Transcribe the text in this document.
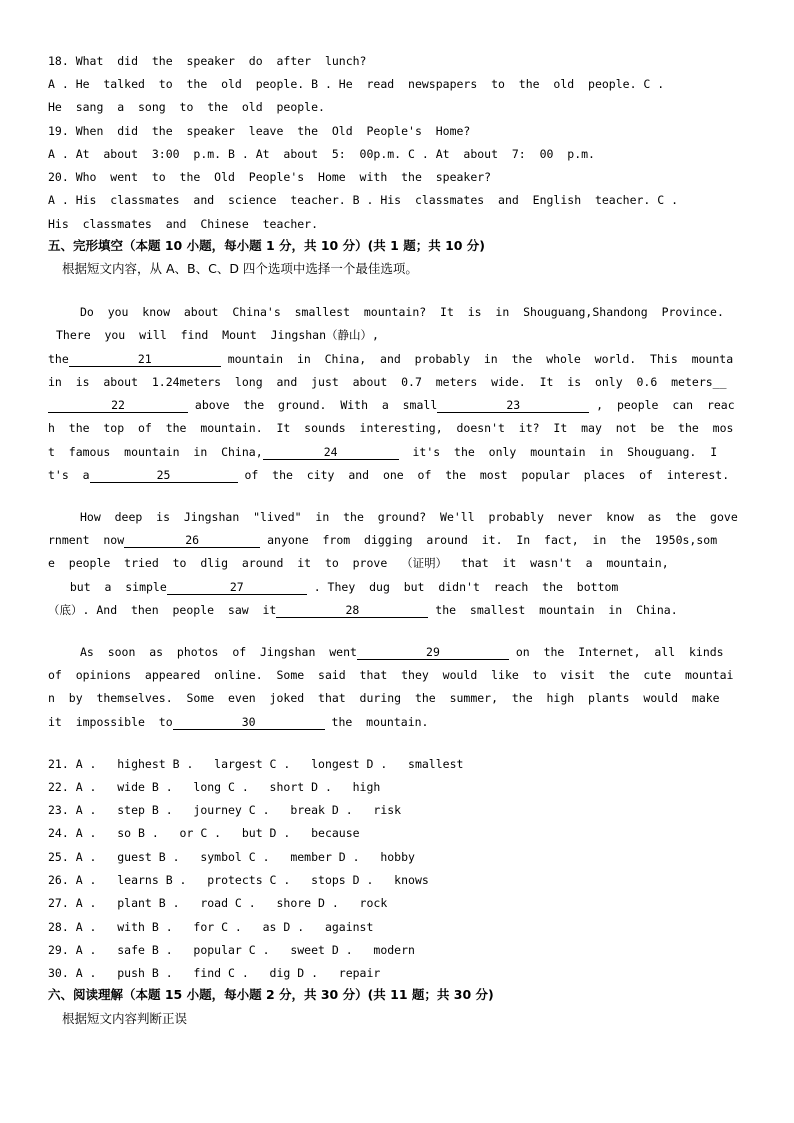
18. What  did  the  speaker  do  after  lunch?
A . He  talked  to  the  old  people. B . He  read  newspapers  to  the  old  people. C .
He  sang  a  song  to  the  old  people.
19. When  did  the  speaker  leave  the  Old  People's  Home?
A . At  about  3:00  p.m. B . At  about  5:  00p.m. C . At  about  7:  00  p.m.
20. Who  went  to  the  Old  People's  Home  with  the  speaker?
A . His  classmates  and  science  teacher. B . His  classmates  and  English  teacher. C .
His  classmates  and  Chinese  teacher.
五、完形填空（本题 10 小题，每小题 1 分，共 10 分）(共 1 题；共 10 分)
根据短文内容，从 A、B、C、D 四个选项中选择一个最佳选项。
Do  you  know  about  China's  smallest  mountain?  It  is  in  Shouguang,Shandong  Province.
There  you  will  find  Mount  Jingshan（静山）,
the	21	mountain  in  China,  and  probably  in  the  whole  world.  This  mounta
in  is  about  1.24meters  long  and  just  about  0.7  meters  wide.  It  is  only  0.6  meters__
22	above  the  ground.  With  a  small	23	,  people  can  reac
h  the  top  of  the  mountain.  It  sounds  interesting,  doesn't  it?  It  may  not  be  the  mos
t  famous  mountain  in  China,	24	it's  the  only  mountain  in  Shouguang.  I
t's  a	25	of  the  city  and  one  of  the  most  popular  places  of  interest.
How  deep  is  Jingshan  "lived"  in  the  ground?  We'll  probably  never  know  as  the  gove
rnment  now	26	anyone  from  digging  around  it.  In  fact,  in  the  1950s,som
e  people  tried  to  dlig  around  it  to  prove  （证明）  that  it  wasn't  a  mountain,
but  a  simple	27	. They  dug  but  didn't  reach  the  bottom
（底）. And  then  people  saw  it	28	the  smallest  mountain  in  China.
As  soon  as  photos  of  Jingshan  went	29	on  the  Internet,  all  kinds
of  opinions  appeared  online.  Some  said  that  they  would  like  to  visit  the  cute  mountai
n  by  themselves.  Some  even  joked  that  during  the  summer,  the  high  plants  would  make
it  impossible  to	30	the  mountain.
21. A .   highest B .   largest C .   longest D .   smallest
22. A .   wide B .   long C .   short D .   high
23. A .   step B .   journey C .   break D .   risk
24. A .   so B .   or C .   but D .   because
25. A .   guest B .   symbol C .   member D .   hobby
26. A .   learns B .   protects C .   stops D .   knows
27. A .   plant B .   road C .   shore D .   rock
28. A .   with B .   for C .   as D .   against
29. A .   safe B .   popular C .   sweet D .   modern
30. A .   push B .   find C .   dig D .   repair
六、阅读理解（本题 15 小题，每小题 2 分，共 30 分）(共 11 题；共 30 分)
根据短文内容判断正误
